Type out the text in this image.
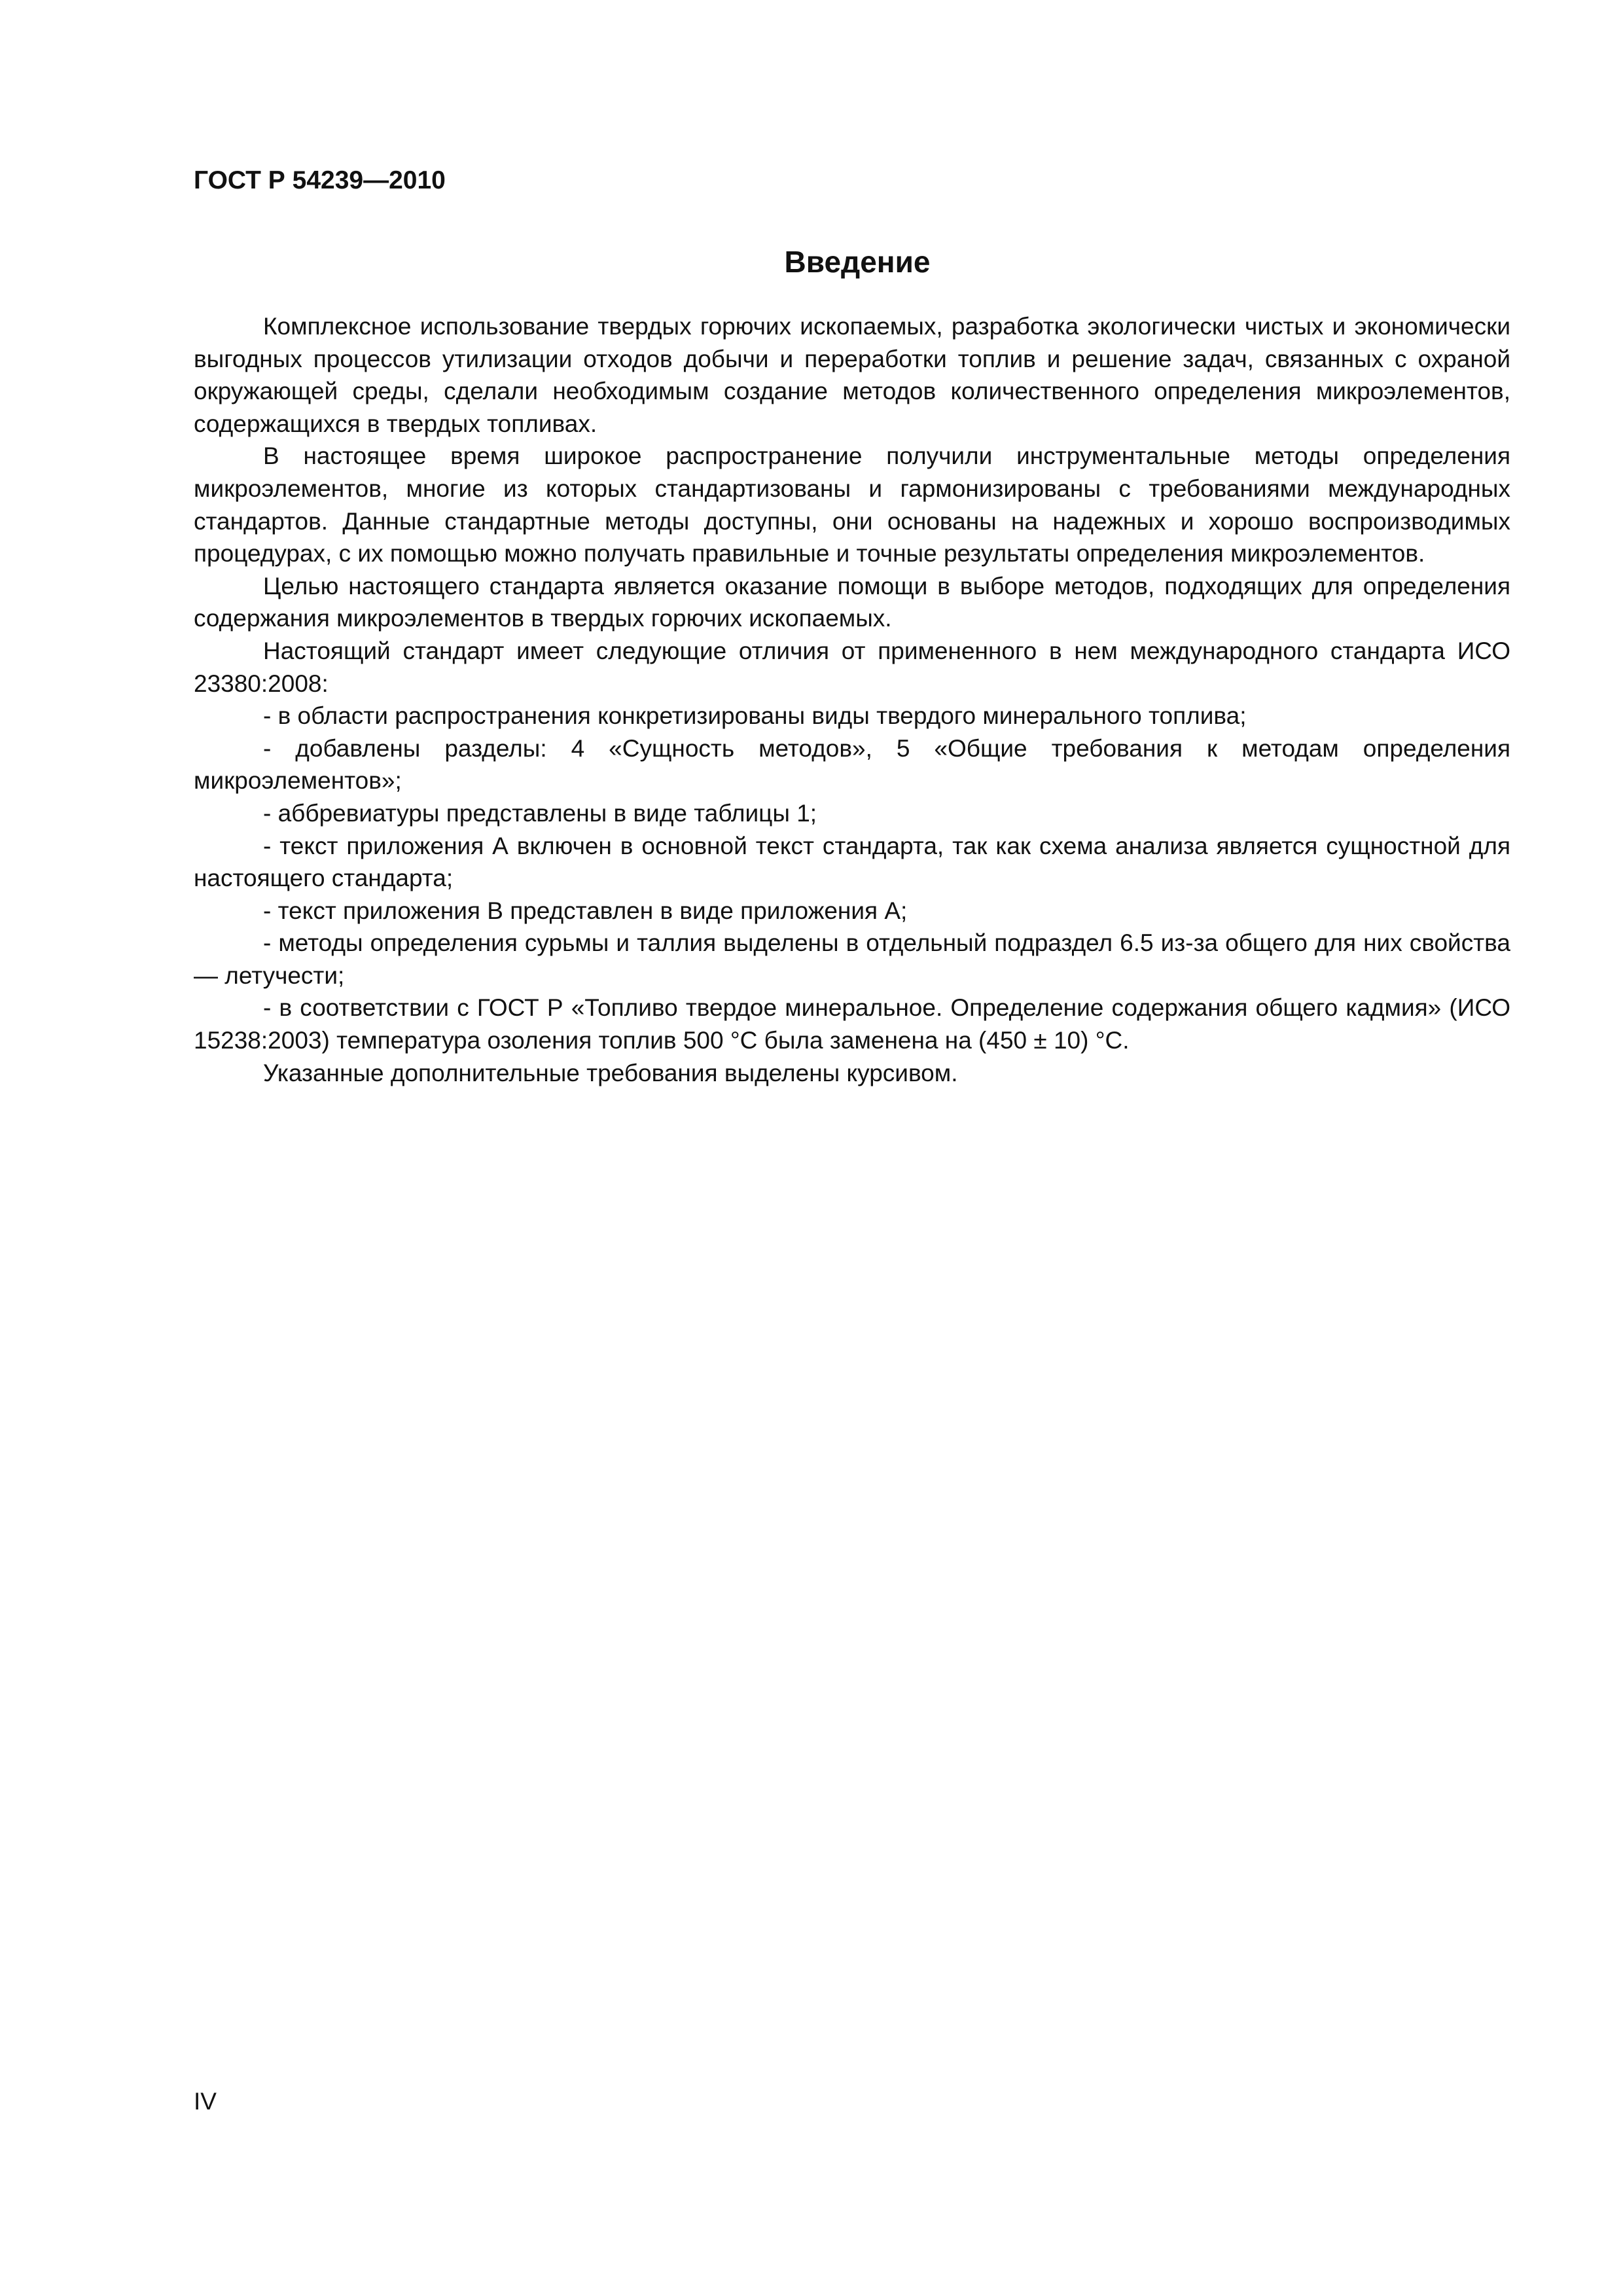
ГОСТ Р 54239—2010
Введение

Комплексное использование твердых горючих ископаемых, разработка экологически чистых и экономически выгодных процессов утилизации отходов добычи и переработки топлив и решение задач, связанных с охраной окружающей среды, сделали необходимым создание методов количественного определения микроэлементов, содержащихся в твердых топливах.

В настоящее время широкое распространение получили инструментальные методы определения микроэлементов, многие из которых стандартизованы и гармонизированы с требованиями международных стандартов. Данные стандартные методы доступны, они основаны на надежных и хорошо воспроизводимых процедурах, с их помощью можно получать правильные и точные результаты определения микроэлементов.

Целью настоящего стандарта является оказание помощи в выборе методов, подходящих для определения содержания микроэлементов в твердых горючих ископаемых.

Настоящий стандарт имеет следующие отличия от примененного в нем международного стандарта ИСО 23380:2008:

- в области распространения конкретизированы виды твердого минерального топлива;

- добавлены разделы: 4 «Сущность методов», 5 «Общие требования к методам определения микроэлементов»;

- аббревиатуры представлены в виде таблицы 1;

- текст приложения А включен в основной текст стандарта, так как схема анализа является сущностной для настоящего стандарта;

- текст приложения В представлен в виде приложения А;

- методы определения сурьмы и таллия выделены в отдельный подраздел 6.5 из-за общего для них свойства — летучести;

- в соответствии с ГОСТ Р «Топливо твердое минеральное. Определение содержания общего кадмия» (ИСО 15238:2003) температура озоления топлив 500 °С была заменена на (450 ± 10) °С.

Указанные дополнительные требования выделены курсивом.

IV
